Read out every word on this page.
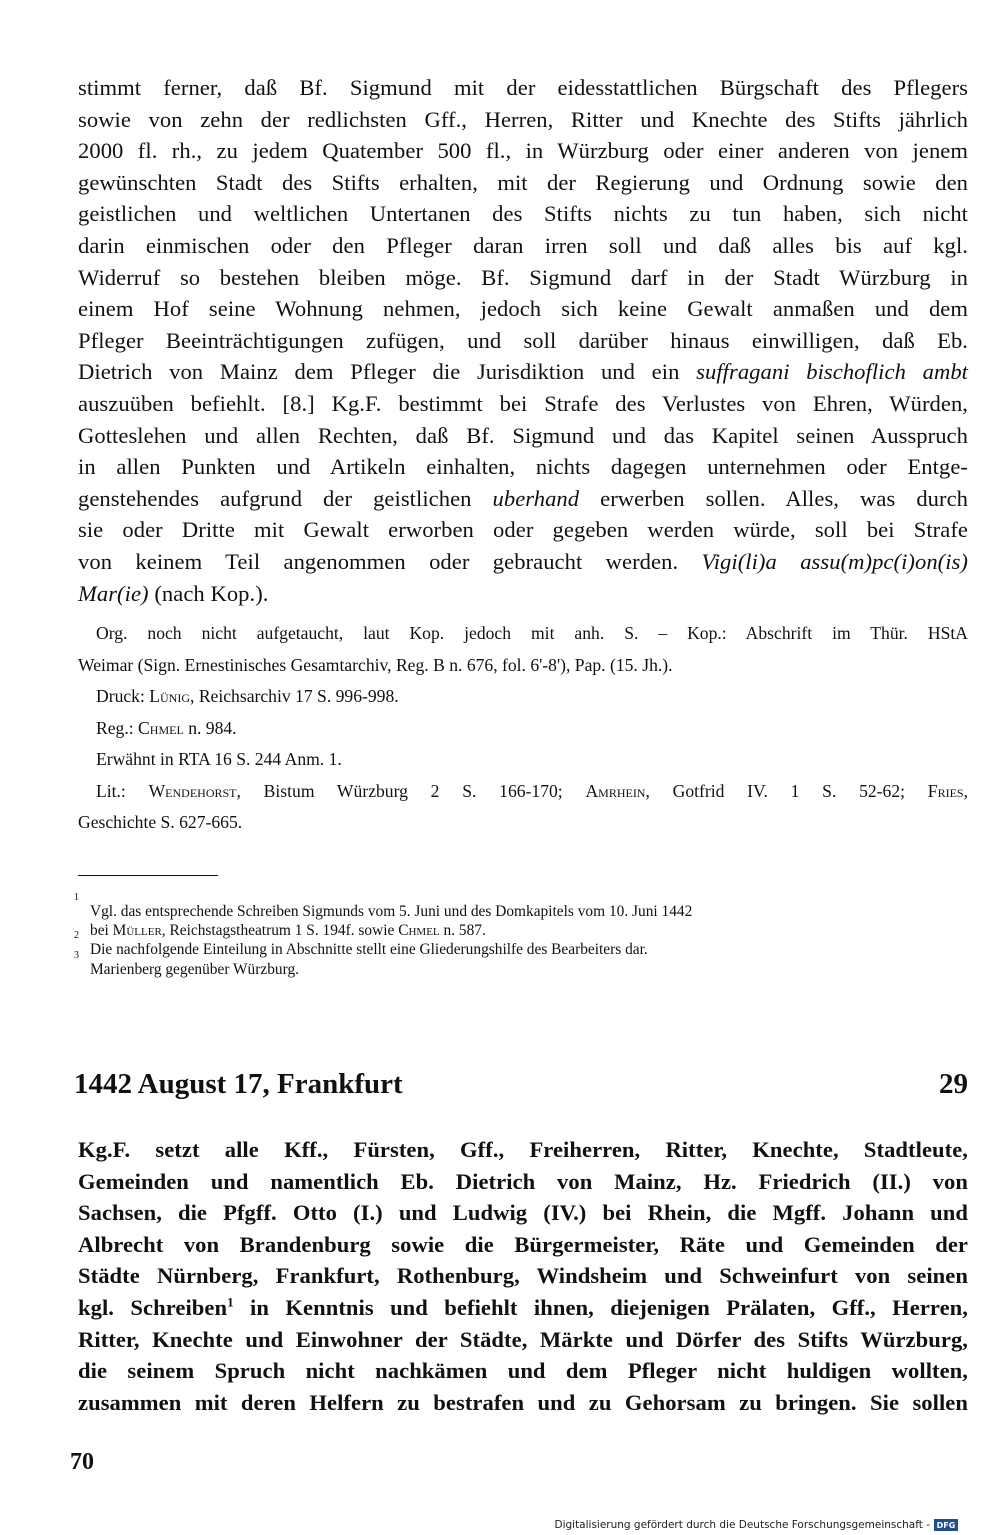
stimmt ferner, daß Bf. Sigmund mit der eidesstattlichen Bürgschaft des Pflegers
sowie von zehn der redlichsten Gff., Herren, Ritter und Knechte des Stifts jährlich
2000 fl. rh., zu jedem Quatember 500 fl., in Würzburg oder einer anderen von jenem
gewünschten Stadt des Stifts erhalten, mit der Regierung und Ordnung sowie den
geistlichen und weltlichen Untertanen des Stifts nichts zu tun haben, sich nicht
darin einmischen oder den Pfleger daran irren soll und daß alles bis auf kgl.
Widerruf so bestehen bleiben möge. Bf. Sigmund darf in der Stadt Würzburg in
einem Hof seine Wohnung nehmen, jedoch sich keine Gewalt anmaßen und dem
Pfleger Beeinträchtigungen zufügen, und soll darüber hinaus einwilligen, daß Eb.
Dietrich von Mainz dem Pfleger die Jurisdiktion und ein suffragani bischoflich ambt
auszuüben befiehlt. [8.] Kg.F. bestimmt bei Strafe des Verlustes von Ehren, Würden,
Gotteslehen und allen Rechten, daß Bf. Sigmund und das Kapitel seinen Ausspruch
in allen Punkten und Artikeln einhalten, nichts dagegen unternehmen oder Entge-
genstehendes aufgrund der geistlichen uberhand erwerben sollen. Alles, was durch
sie oder Dritte mit Gewalt erworben oder gegeben werden würde, soll bei Strafe
von keinem Teil angenommen oder gebraucht werden. Vigi(li)a assu(m)pc(i)on(is)
Mar(ie) (nach Kop.).
Org. noch nicht aufgetaucht, laut Kop. jedoch mit anh. S. – Kop.: Abschrift im Thür. HStA
Weimar (Sign. Ernestinisches Gesamtarchiv, Reg. B n. 676, fol. 6'-8'), Pap. (15. Jh.).
Druck: Lünig, Reichsarchiv 17 S. 996-998.
Reg.: Chmel n. 984.
Erwähnt in RTA 16 S. 244 Anm. 1.
Lit.: Wendehorst, Bistum Würzburg 2 S. 166-170; Amrhein, Gotfrid IV. 1 S. 52-62; Fries,
Geschichte S. 627-665.
1
Vgl. das entsprechende Schreiben Sigmunds vom 5. Juni und des Domkapitels vom 10. Juni 1442
bei Müller, Reichstagstheatrum 1 S. 194f. sowie Chmel n. 587.
2
Die nachfolgende Einteilung in Abschnitte stellt eine Gliederungshilfe des Bearbeiters dar.
3
Marienberg gegenüber Würzburg.
1442 August 17, Frankfurt	29
Kg.F. setzt alle Kff., Fürsten, Gff., Freiherren, Ritter, Knechte, Stadtleute,
Gemeinden und namentlich Eb. Dietrich von Mainz, Hz. Friedrich (II.) von
Sachsen, die Pfgff. Otto (I.) und Ludwig (IV.) bei Rhein, die Mgff. Johann und
Albrecht von Brandenburg sowie die Bürgermeister, Räte und Gemeinden der
Städte Nürnberg, Frankfurt, Rothenburg, Windsheim und Schweinfurt von seinen
kgl. Schreiben$^1$ in Kenntnis und befiehlt ihnen, diejenigen Prälaten, Gff., Herren,
Ritter, Knechte und Einwohner der Städte, Märkte und Dörfer des Stifts Würzburg,
die seinem Spruch nicht nachkämen und dem Pfleger nicht huldigen wollten,
zusammen mit deren Helfern zu bestrafen und zu Gehorsam zu bringen. Sie sollen
70
Digitalisierung gefördert durch die Deutsche Forschungsgemeinschaft - DFG
